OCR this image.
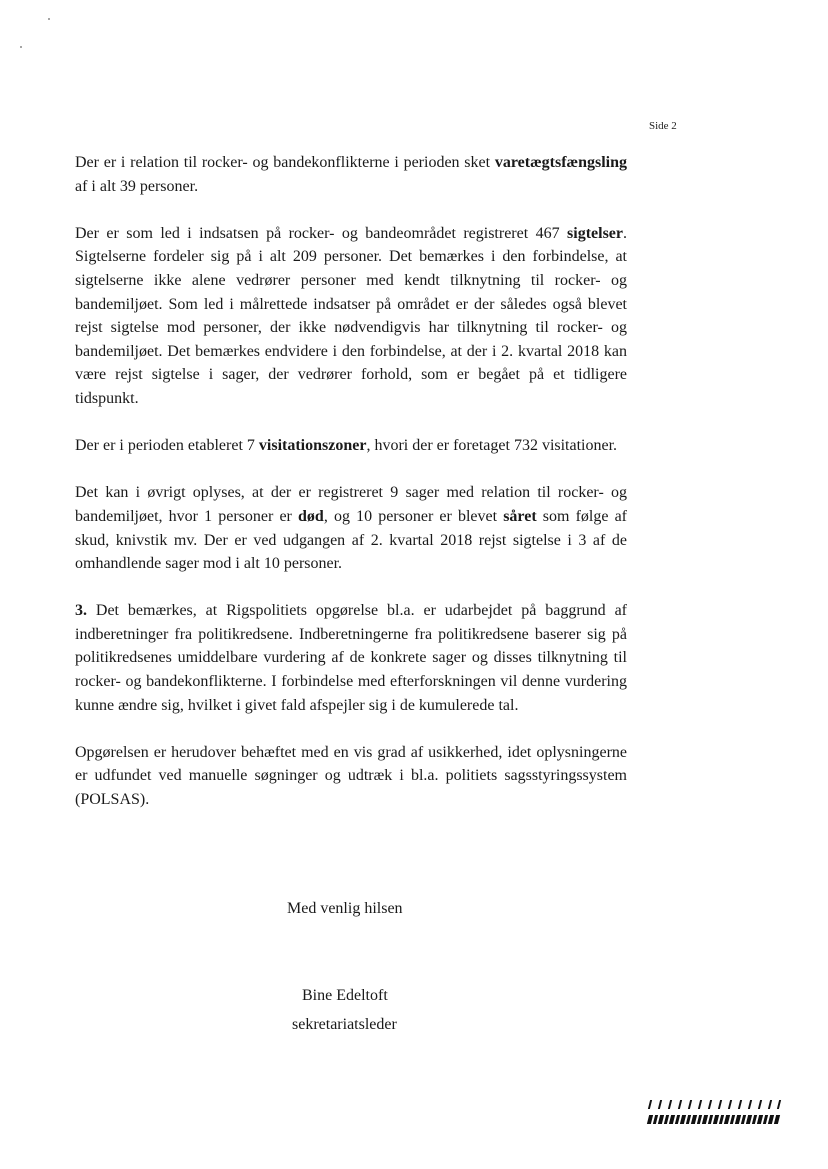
Side 2

Der er i relation til rocker- og bandekonflikterne i perioden sket varetægtsfængsling af i alt 39 personer.

Der er som led i indsatsen på rocker- og bandeområdet registreret 467 sigtelser. Sigtelserne fordeler sig på i alt 209 personer. Det bemærkes i den forbindelse, at sigtelserne ikke alene vedrører personer med kendt tilknytning til rocker- og bandemiljøet. Som led i målrettede indsatser på området er der således også blevet rejst sigtelse mod personer, der ikke nødvendigvis har tilknytning til rocker- og bandemiljøet. Det bemærkes endvidere i den forbindelse, at der i 2. kvartal 2018 kan være rejst sigtelse i sager, der vedrører forhold, som er begået på et tidligere tidspunkt.

Der er i perioden etableret 7 visitationszoner, hvori der er foretaget 732 visitationer.

Det kan i øvrigt oplyses, at der er registreret 9 sager med relation til rocker- og bandemiljøet, hvor 1 personer er død, og 10 personer er blevet såret som følge af skud, knivstik mv. Der er ved udgangen af 2. kvartal 2018 rejst sigtelse i 3 af de omhandlende sager mod i alt 10 personer.

3. Det bemærkes, at Rigspolitiets opgørelse bl.a. er udarbejdet på baggrund af indberetninger fra politikredsene. Indberetningerne fra politikredsene baserer sig på politikredsenes umiddelbare vurdering af de konkrete sager og disses tilknytning til rocker- og bandekonflikterne. I forbindelse med efterforskningen vil denne vurdering kunne ændre sig, hvilket i givet fald afspejler sig i de kumulerede tal.

Opgørelsen er herudover behæftet med en vis grad af usikkerhed, idet oplysningerne er udfundet ved manuelle søgninger og udtræk i bl.a. politiets sagsstyringssystem (POLSAS).

Med venlig hilsen
Bine Edeltoft
sekretariatsleder
